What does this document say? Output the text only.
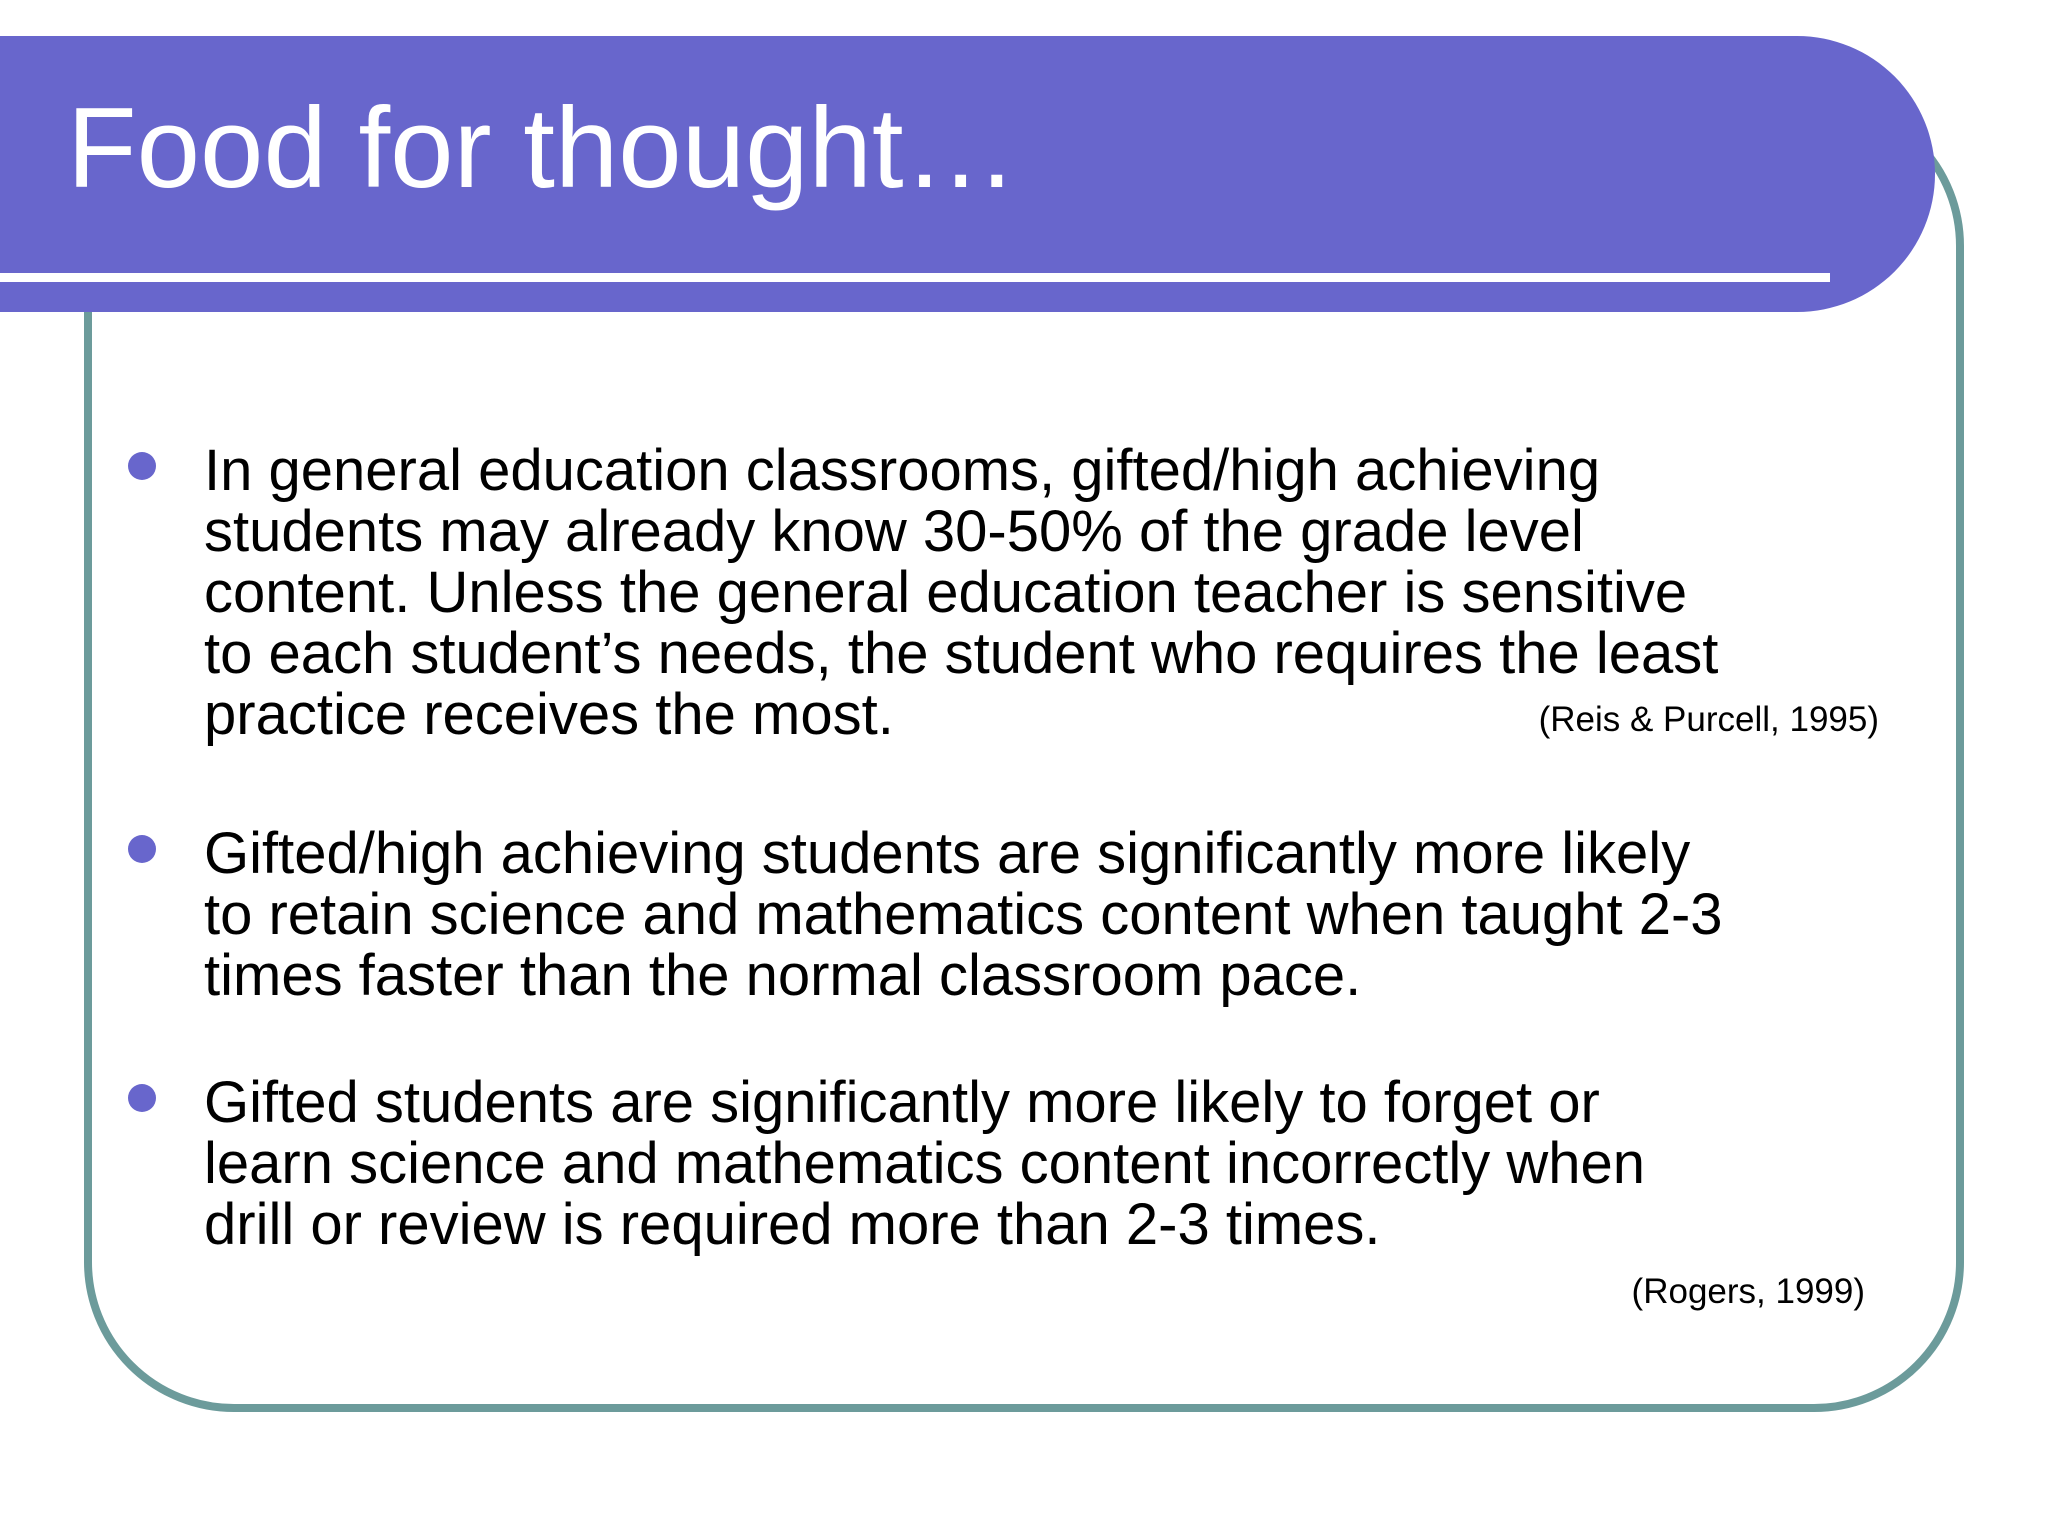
Food for thought…
In general education classrooms, gifted/high achieving
students may already know 30-50% of the grade level
content. Unless the general education teacher is sensitive
to each student’s needs, the student who requires the least
practice receives the most.	(Reis & Purcell, 1995)
Gifted/high achieving students are significantly more likely
to retain science and mathematics content when taught 2-3
times faster than the normal classroom pace.
Gifted students are significantly more likely to forget or
learn science and mathematics content incorrectly when
drill or review is required more than 2-3 times.
(Rogers, 1999)
